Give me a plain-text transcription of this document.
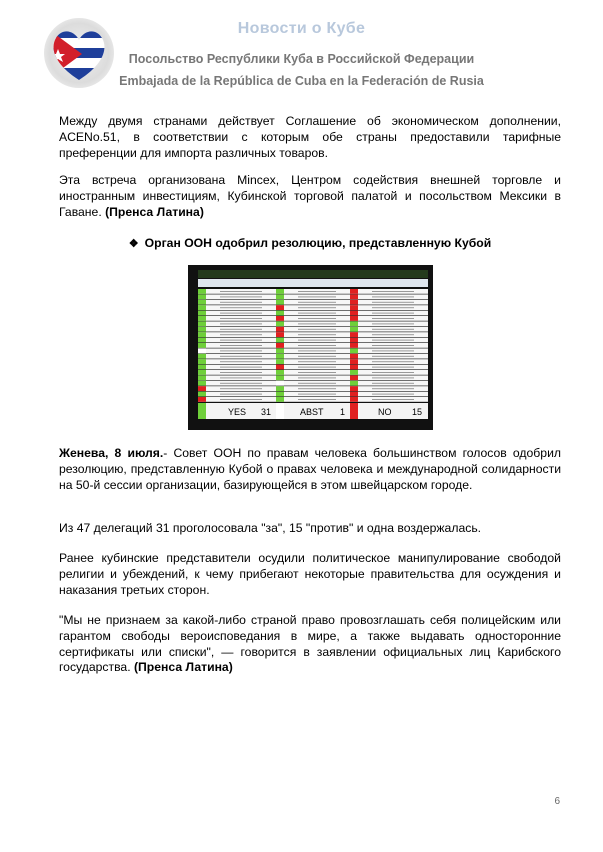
Новости о Кубе
Посольство Республики Куба в Российской Федерации
Embajada de la República de Cuba en la Federación de Rusia
Между двумя странами действует Соглашение об экономическом дополнении, ACENo.51, в соответствии с которым обе страны предоставили тарифные преференции для импорта различных товаров.
Эта встреча организована Mincex, Центром содействия внешней торговле и иностранным инвестициям, Кубинской торговой палатой и посольством Мексики в Гаване. (Пренса Латина)
❖ Орган ООН одобрил резолюцию, представленную Кубой
YES 31	ABST 1	NO 15
Женева, 8 июля.- Совет ООН по правам человека большинством голосов одобрил резолюцию, представленную Кубой о правах человека и международной солидарности на 50-й сессии организации, базирующейся в этом швейцарском городе.
Из 47 делегаций 31 проголосовала "за", 15 "против" и одна воздержалась.
Ранее кубинские представители осудили политическое манипулирование свободой религии и убеждений, к чему прибегают некоторые правительства для осуждения и наказания третьих сторон.
"Мы не признаем за какой-либо страной право провозглашать себя полицейским или гарантом свободы вероисповедания в мире, а также выдавать односторонние сертификаты или списки", — говорится в заявлении официальных лиц Карибского государства. (Пренса Латина)
6
